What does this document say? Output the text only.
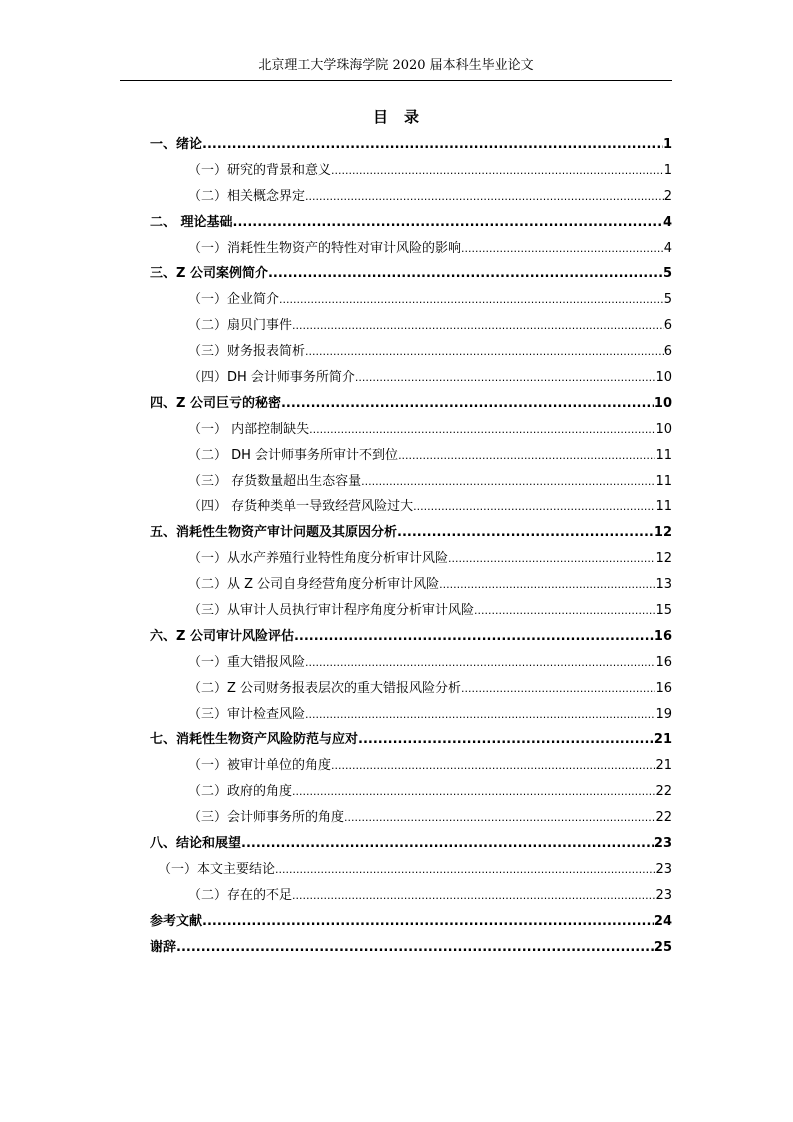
北京理工大学珠海学院 2020 届本科生毕业论文
目录
一、绪论 .....	1
（一）研究的背景和意义 .....	1
（二）相关概念界定 .....	2
二、 理论基础 .....	4
（一）消耗性生物资产的特性对审计风险的影响 .....	4
三、Z 公司案例简介 .....	5
（一）企业简介 .....	5
（二）扇贝门事件 .....	6
（三）财务报表简析 .....	6
（四）DH 会计师事务所简介 .....	10
四、Z 公司巨亏的秘密 .....	10
（一） 内部控制缺失 .....	10
（二） DH 会计师事务所审计不到位 .....	11
（三） 存货数量超出生态容量 .....	11
（四） 存货种类单一导致经营风险过大 .....	11
五、消耗性生物资产审计问题及其原因分析 .....	12
（一）从水产养殖行业特性角度分析审计风险 .....	12
（二）从 Z 公司自身经营角度分析审计风险 .....	13
（三）从审计人员执行审计程序角度分析审计风险 .....	15
六、Z 公司审计风险评估 .....	16
（一）重大错报风险 .....	16
（二）Z 公司财务报表层次的重大错报风险分析 .....	16
（三）审计检查风险 .....	19
七、消耗性生物资产风险防范与应对 .....	21
（一）被审计单位的角度 .....	21
（二）政府的角度 .....	22
（三）会计师事务所的角度 .....	22
八、结论和展望 .....	23
（一）本文主要结论 .....	23
（二）存在的不足 .....	23
参考文献 .....	24
谢辞 .....	25
